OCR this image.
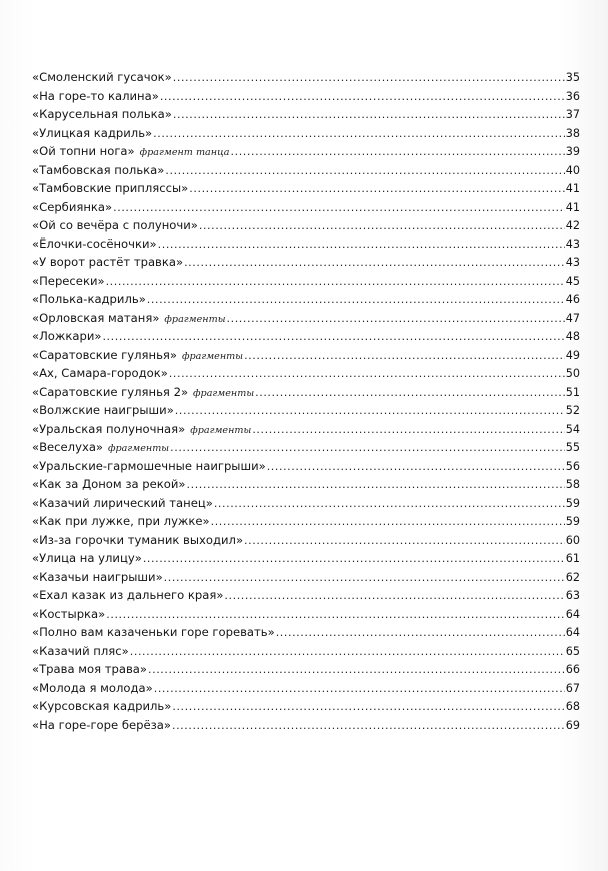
«Смоленский гусачок» .....	35
«На горе-то калина» .....	36
«Карусельная полька» .....	37
«Улицкая кадриль» .....	38
«Ой топни нога» фрагмент танца .....	39
«Тамбовская полька» .....	40
«Тамбовские припляссы» .....	41
«Сербиянка» .....	41
«Ой со вечёра с полуночи» .....	42
«Ёлочки-сосёночки» .....	43
«У ворот растёт травка» .....	43
«Пересеки» .....	45
«Полька-кадриль» .....	46
«Орловская матаня» фрагменты .....	47
«Ложкари» .....	48
«Саратовские гулянья» фрагменты .....	49
«Ах, Самара-городок» .....	50
«Саратовские гулянья 2» фрагменты .....	51
«Волжские наигрыши» .....	52
«Уральская полуночная» фрагменты .....	54
«Веселуха» фрагменты .....	55
«Уральские-гармошечные наигрыши» .....	56
«Как за Доном за рекой» .....	58
«Казачий лирический танец» .....	59
«Как при лужке, при лужке» .....	59
«Из-за горочки туманик выходил» .....	60
«Улица на улицу» .....	61
«Казачьи наигрыши» .....	62
«Ехал казак из дальнего края» .....	63
«Костырка» .....	64
«Полно вам казаченьки горе горевать» .....	64
«Казачий пляс» .....	65
«Трава моя трава» .....	66
«Молода я молода» .....	67
«Курсовская кадриль» .....	68
«На горе-горе берёза» .....	69
